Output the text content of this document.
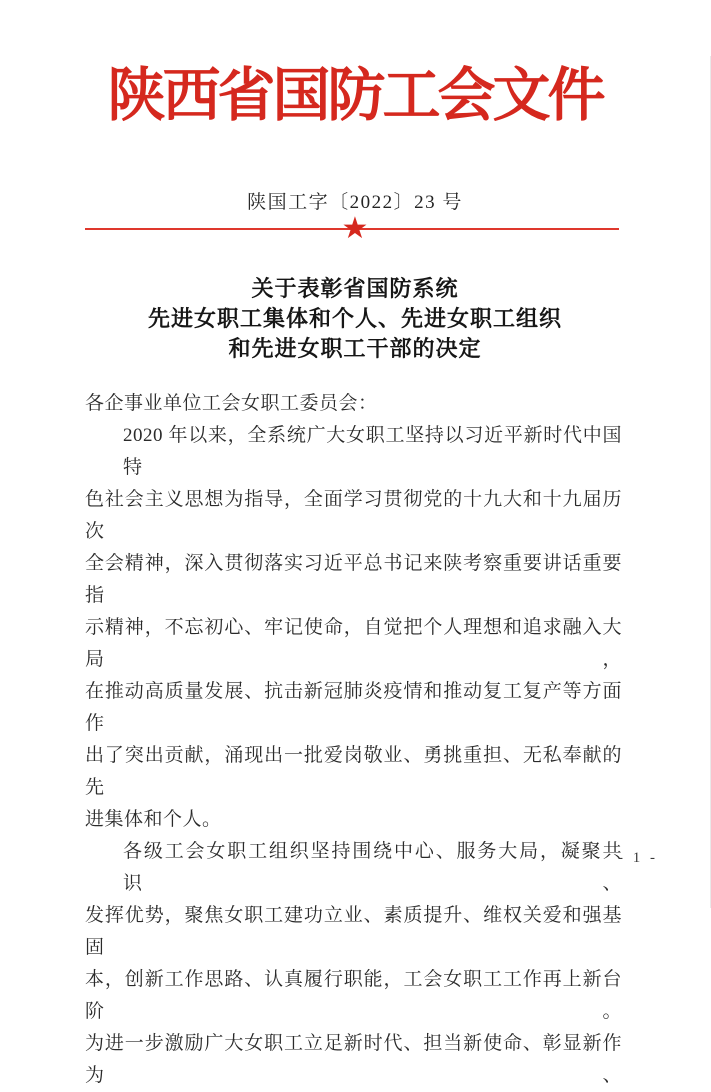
陕西省国防工会文件
陕国工字〔2022〕23 号
★
关于表彰省国防系统
先进女职工集体和个人、先进女职工组织
和先进女职工干部的决定
各企事业单位工会女职工委员会：
2020 年以来，全系统广大女职工坚持以习近平新时代中国特
色社会主义思想为指导，全面学习贯彻党的十九大和十九届历次
全会精神，深入贯彻落实习近平总书记来陕考察重要讲话重要指
示精神，不忘初心、牢记使命，自觉把个人理想和追求融入大局，
在推动高质量发展、抗击新冠肺炎疫情和推动复工复产等方面作
出了突出贡献，涌现出一批爱岗敬业、勇挑重担、无私奉献的先
进集体和个人。
各级工会女职工组织坚持围绕中心、服务大局，凝聚共识、
发挥优势，聚焦女职工建功立业、素质提升、维权关爱和强基固
本，创新工作思路、认真履行职能，工会女职工工作再上新台阶。
为进一步激励广大女职工立足新时代、担当新使命、彰显新作为、
- 1 -
